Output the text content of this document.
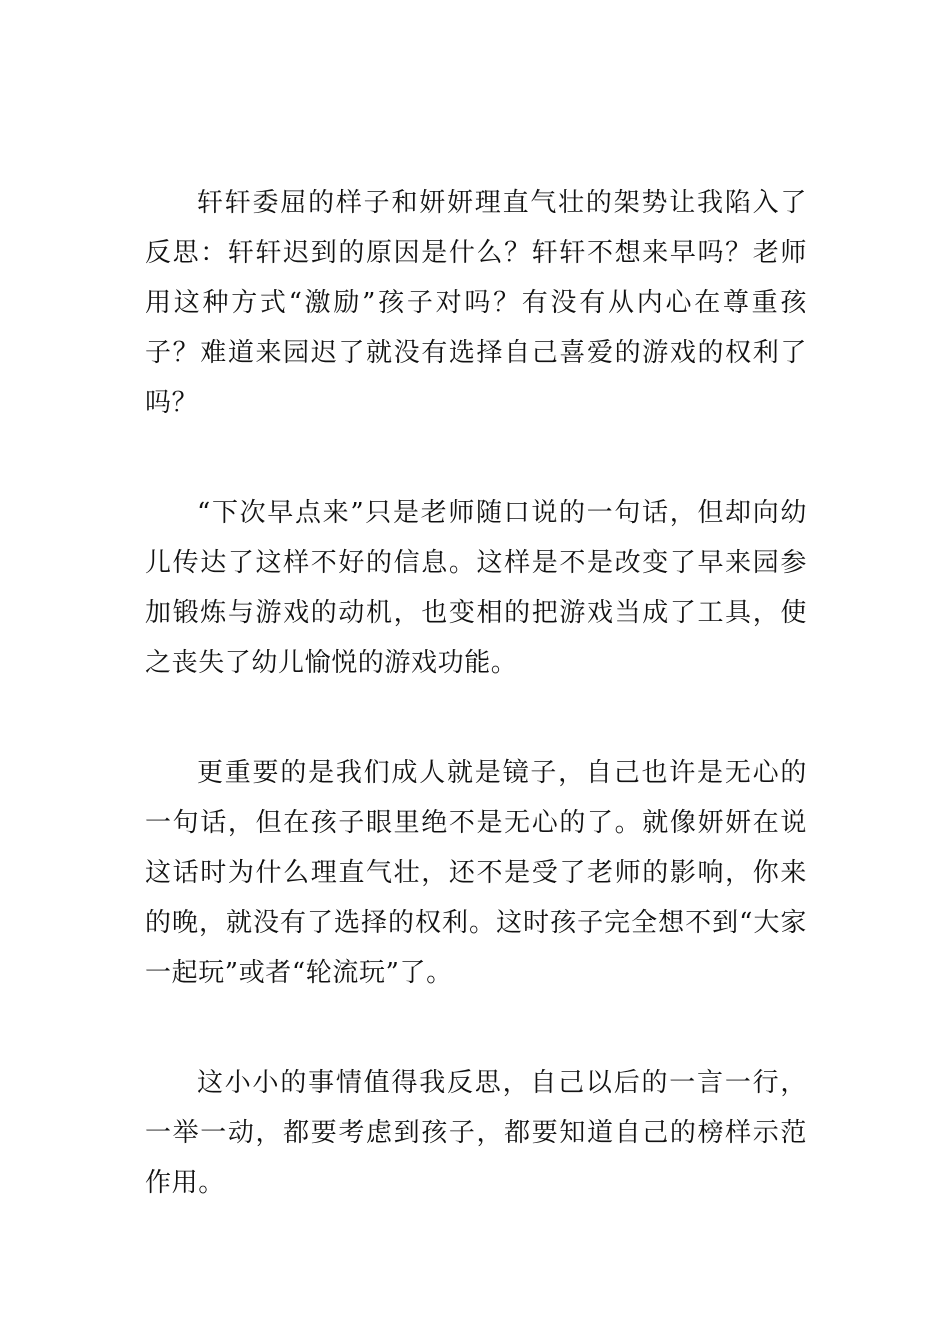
轩轩委屈的样子和妍妍理直气壮的架势让我陷入了反思：轩轩迟到的原因是什么？轩轩不想来早吗？老师用这种方式“激励”孩子对吗？有没有从内心在尊重孩子？难道来园迟了就没有选择自己喜爱的游戏的权利了吗？

“下次早点来”只是老师随口说的一句话，但却向幼儿传达了这样不好的信息。这样是不是改变了早来园参加锻炼与游戏的动机，也变相的把游戏当成了工具，使之丧失了幼儿愉悦的游戏功能。

更重要的是我们成人就是镜子，自己也许是无心的一句话，但在孩子眼里绝不是无心的了。就像妍妍在说这话时为什么理直气壮，还不是受了老师的影响，你来的晚，就没有了选择的权利。这时孩子完全想不到“大家一起玩”或者“轮流玩”了。

这小小的事情值得我反思，自己以后的一言一行，一举一动，都要考虑到孩子，都要知道自己的榜样示范作用。
